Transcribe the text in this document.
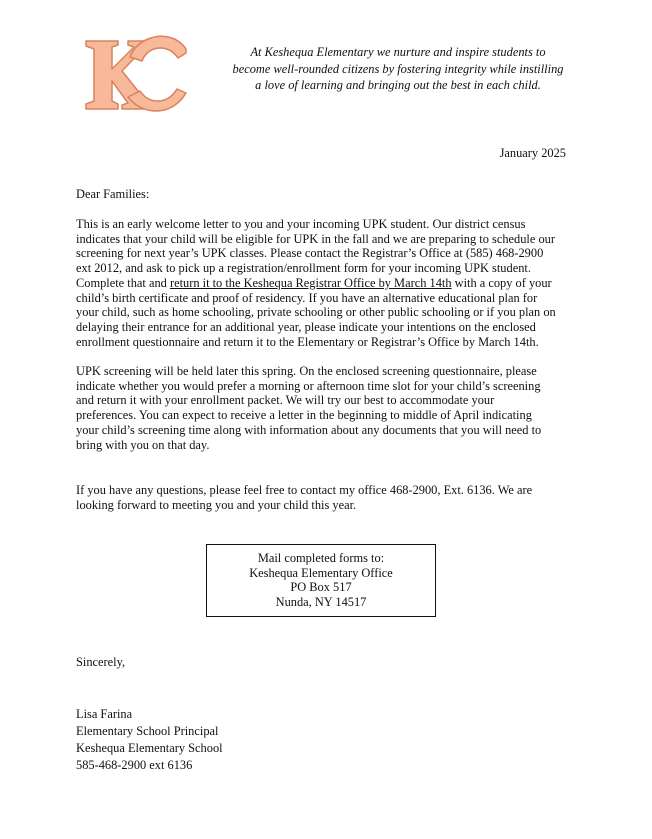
At Keshequa Elementary we nurture and inspire students to
become well-rounded citizens by fostering integrity while instilling
a love of learning and bringing out the best in each child.
January 2025
Dear Families:
This is an early welcome letter to you and your incoming UPK student. Our district census
indicates that your child will be eligible for UPK in the fall and we are preparing to schedule our
screening for next year’s UPK classes. Please contact the Registrar’s Office at (585) 468-2900
ext 2012, and ask to pick up a registration/enrollment form for your incoming UPK student.
Complete that and return it to the Keshequa Registrar Office by March 14th with a copy of your
child’s birth certificate and proof of residency. If you have an alternative educational plan for
your child, such as home schooling, private schooling or other public schooling or if you plan on
delaying their entrance for an additional year, please indicate your intentions on the enclosed
enrollment questionnaire and return it to the Elementary or Registrar’s Office by March 14th.
UPK screening will be held later this spring. On the enclosed screening questionnaire, please
indicate whether you would prefer a morning or afternoon time slot for your child’s screening
and return it with your enrollment packet. We will try our best to accommodate your
preferences. You can expect to receive a letter in the beginning to middle of April indicating
your child’s screening time along with information about any documents that you will need to
bring with you on that day.
If you have any questions, please feel free to contact my office 468-2900, Ext. 6136. We are
looking forward to meeting you and your child this year.
Mail completed forms to:
Keshequa Elementary Office
PO Box 517
Nunda, NY 14517
Sincerely,
Lisa Farina
Elementary School Principal
Keshequa Elementary School
585-468-2900 ext 6136
